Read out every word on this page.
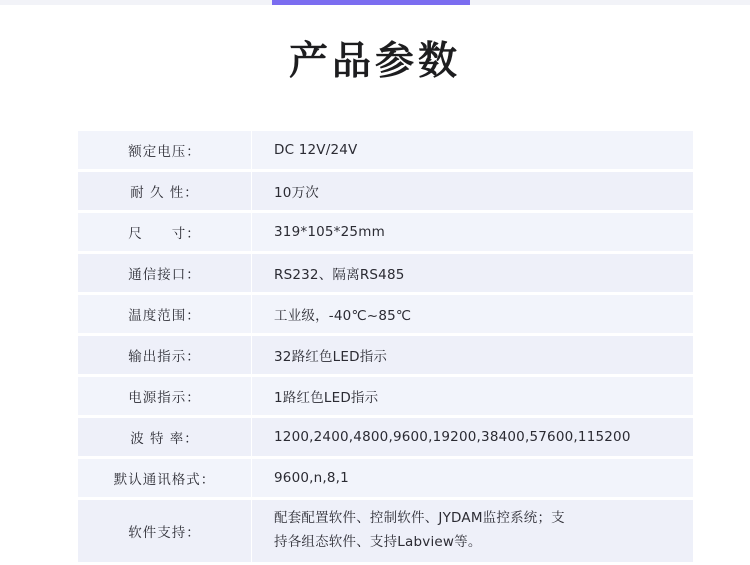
产品参数
额定电压：	DC 12V/24V
耐 久 性：	10万次
尺　　寸：	319*105*25mm
通信接口：	RS232、隔离RS485
温度范围：	工业级，-40℃~85℃
输出指示：	32路红色LED指示
电源指示：	1路红色LED指示
波 特 率：	1200,2400,4800,9600,19200,38400,57600,115200
默认通讯格式：	9600,n,8,1
软件支持：	配套配置软件、控制软件、JYDAM监控系统；支
持各组态软件、支持Labview等。
